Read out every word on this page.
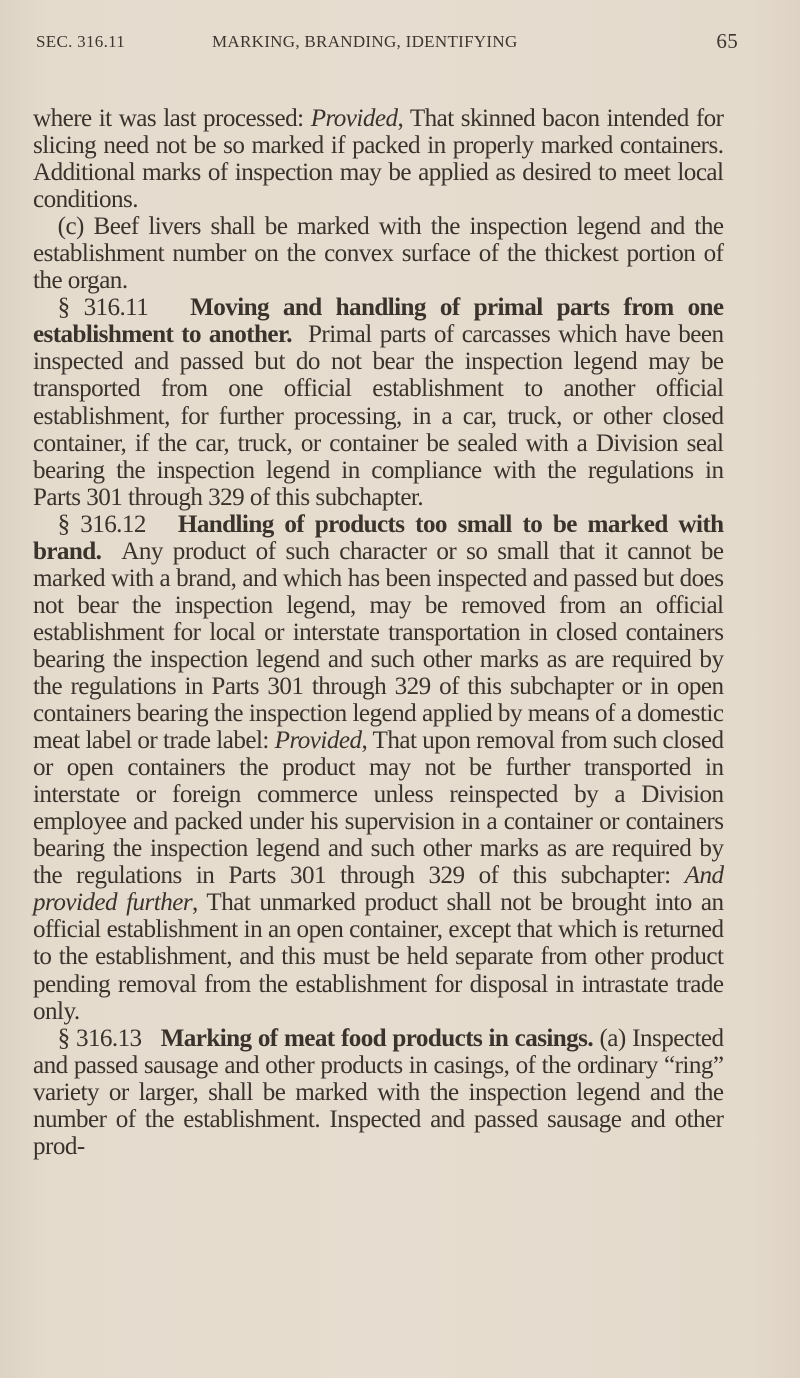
SEC. 316.11	MARKING, BRANDING, IDENTIFYING	65

where it was last processed: Provided, That skinned bacon intended for slicing need not be so marked if packed in properly marked containers. Additional marks of inspection may be applied as desired to meet local conditions.

(c) Beef livers shall be marked with the inspection legend and the establishment number on the convex surface of the thickest portion of the organ.

§ 316.11 Moving and handling of primal parts from one establishment to another. Primal parts of carcasses which have been inspected and passed but do not bear the inspection legend may be transported from one official establishment to another official establishment, for further processing, in a car, truck, or other closed container, if the car, truck, or container be sealed with a Division seal bearing the inspection legend in compliance with the regulations in Parts 301 through 329 of this subchapter.

§ 316.12 Handling of products too small to be marked with brand. Any product of such character or so small that it cannot be marked with a brand, and which has been inspected and passed but does not bear the inspection legend, may be removed from an official establishment for local or interstate transportation in closed containers bearing the inspection legend and such other marks as are required by the regulations in Parts 301 through 329 of this subchapter or in open containers bearing the inspection legend applied by means of a domestic meat label or trade label: Provided, That upon removal from such closed or open containers the product may not be further transported in interstate or foreign commerce unless reinspected by a Division employee and packed under his supervision in a container or containers bearing the inspection legend and such other marks as are required by the regulations in Parts 301 through 329 of this subchapter: And provided further, That unmarked product shall not be brought into an official establishment in an open container, except that which is returned to the establishment, and this must be held separate from other product pending removal from the establishment for disposal in intrastate trade only.

§ 316.13 Marking of meat food products in casings. (a) Inspected and passed sausage and other products in casings, of the ordinary “ring” variety or larger, shall be marked with the inspection legend and the number of the establishment. Inspected and passed sausage and other prod-
